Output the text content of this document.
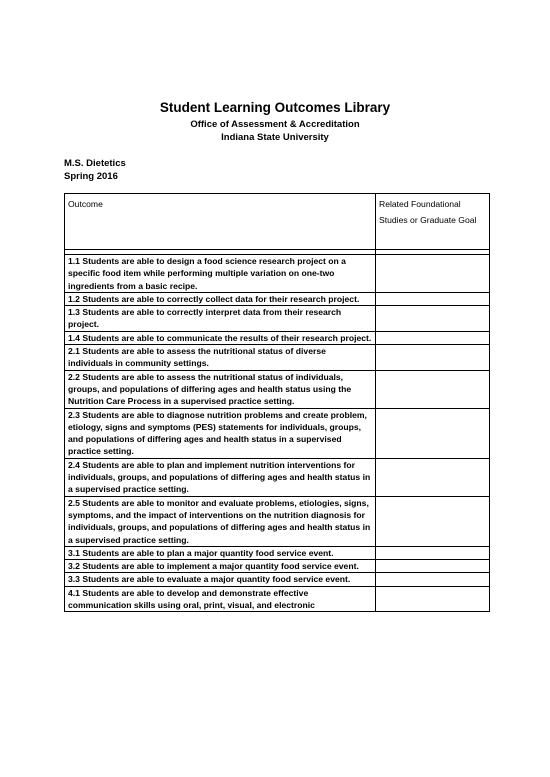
Student Learning Outcomes Library
Office of Assessment & Accreditation
Indiana State University
M.S. Dietetics
Spring 2016
Outcome	Related Foundational Studies or Graduate Goal

1.1 Students are able to design a food science research project on a specific food item while performing multiple variation on one-two ingredients from a basic recipe.	
1.2 Students are able to correctly collect data for their research project.	
1.3 Students are able to correctly interpret data from their research project.	
1.4 Students are able to communicate the results of their research project.	
2.1 Students are able to assess the nutritional status of diverse individuals in community settings.	
2.2 Students are able to assess the nutritional status of individuals, groups, and populations of differing ages and health status using the Nutrition Care Process in a supervised practice setting.	
2.3 Students are able to diagnose nutrition problems and create problem, etiology, signs and symptoms (PES) statements for individuals, groups, and populations of differing ages and health status in a supervised practice setting.	
2.4 Students are able to plan and implement nutrition interventions for individuals, groups, and populations of differing ages and health status in a supervised practice setting.	
2.5 Students are able to monitor and evaluate problems, etiologies, signs, symptoms, and the impact of interventions on the nutrition diagnosis for individuals, groups, and populations of differing ages and health status in a supervised practice setting.	
3.1 Students are able to plan a major quantity food service event.	
3.2 Students are able to implement a major quantity food service event.	
3.3 Students are able to evaluate a major quantity food service event.	
4.1 Students are able to develop and demonstrate effective communication skills using oral, print, visual, and electronic	
